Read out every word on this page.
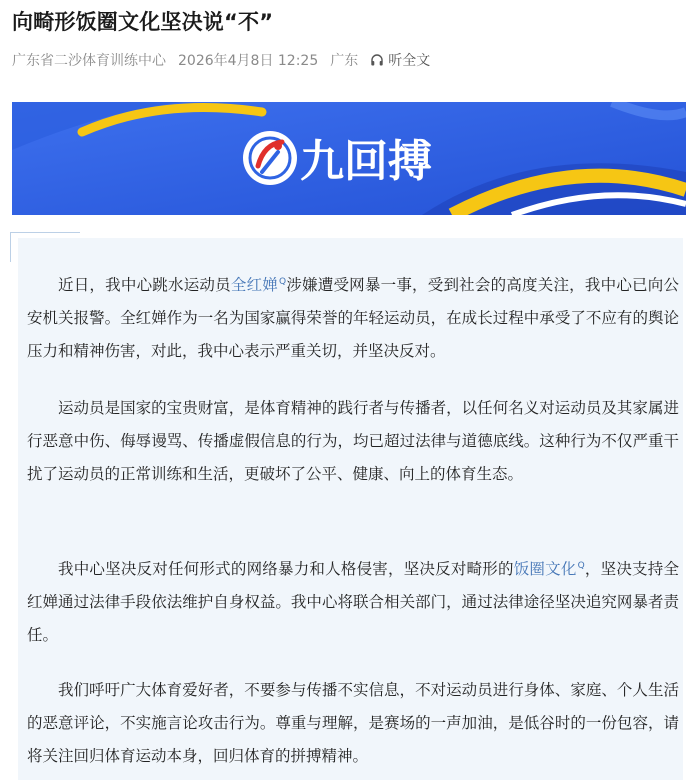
向畸形饭圈文化坚决说“不”
广东省二沙体育训练中心 2026年4月8日 12:25 广东 听全文
九回搏

近日，我中心跳水运动员全红婵$^Q$涉嫌遭受网暴一事，受到社会的高度关注，我中心已向公安机关报警。全红婵作为一名为国家赢得荣誉的年轻运动员，在成长过程中承受了不应有的舆论压力和精神伤害，对此，我中心表示严重关切，并坚决反对。

运动员是国家的宝贵财富，是体育精神的践行者与传播者，以任何名义对运动员及其家属进行恶意中伤、侮辱谩骂、传播虚假信息的行为，均已超过法律与道德底线。这种行为不仅严重干扰了运动员的正常训练和生活，更破坏了公平、健康、向上的体育生态。

我中心坚决反对任何形式的网络暴力和人格侵害，坚决反对畸形的饭圈文化$^Q$，坚决支持全红婵通过法律手段依法维护自身权益。我中心将联合相关部门，通过法律途径坚决追究网暴者责任。

我们呼吁广大体育爱好者，不要参与传播不实信息，不对运动员进行身体、家庭、个人生活的恶意评论，不实施言论攻击行为。尊重与理解，是赛场的一声加油，是低谷时的一份包容，请将关注回归体育运动本身，回归体育的拼搏精神。
